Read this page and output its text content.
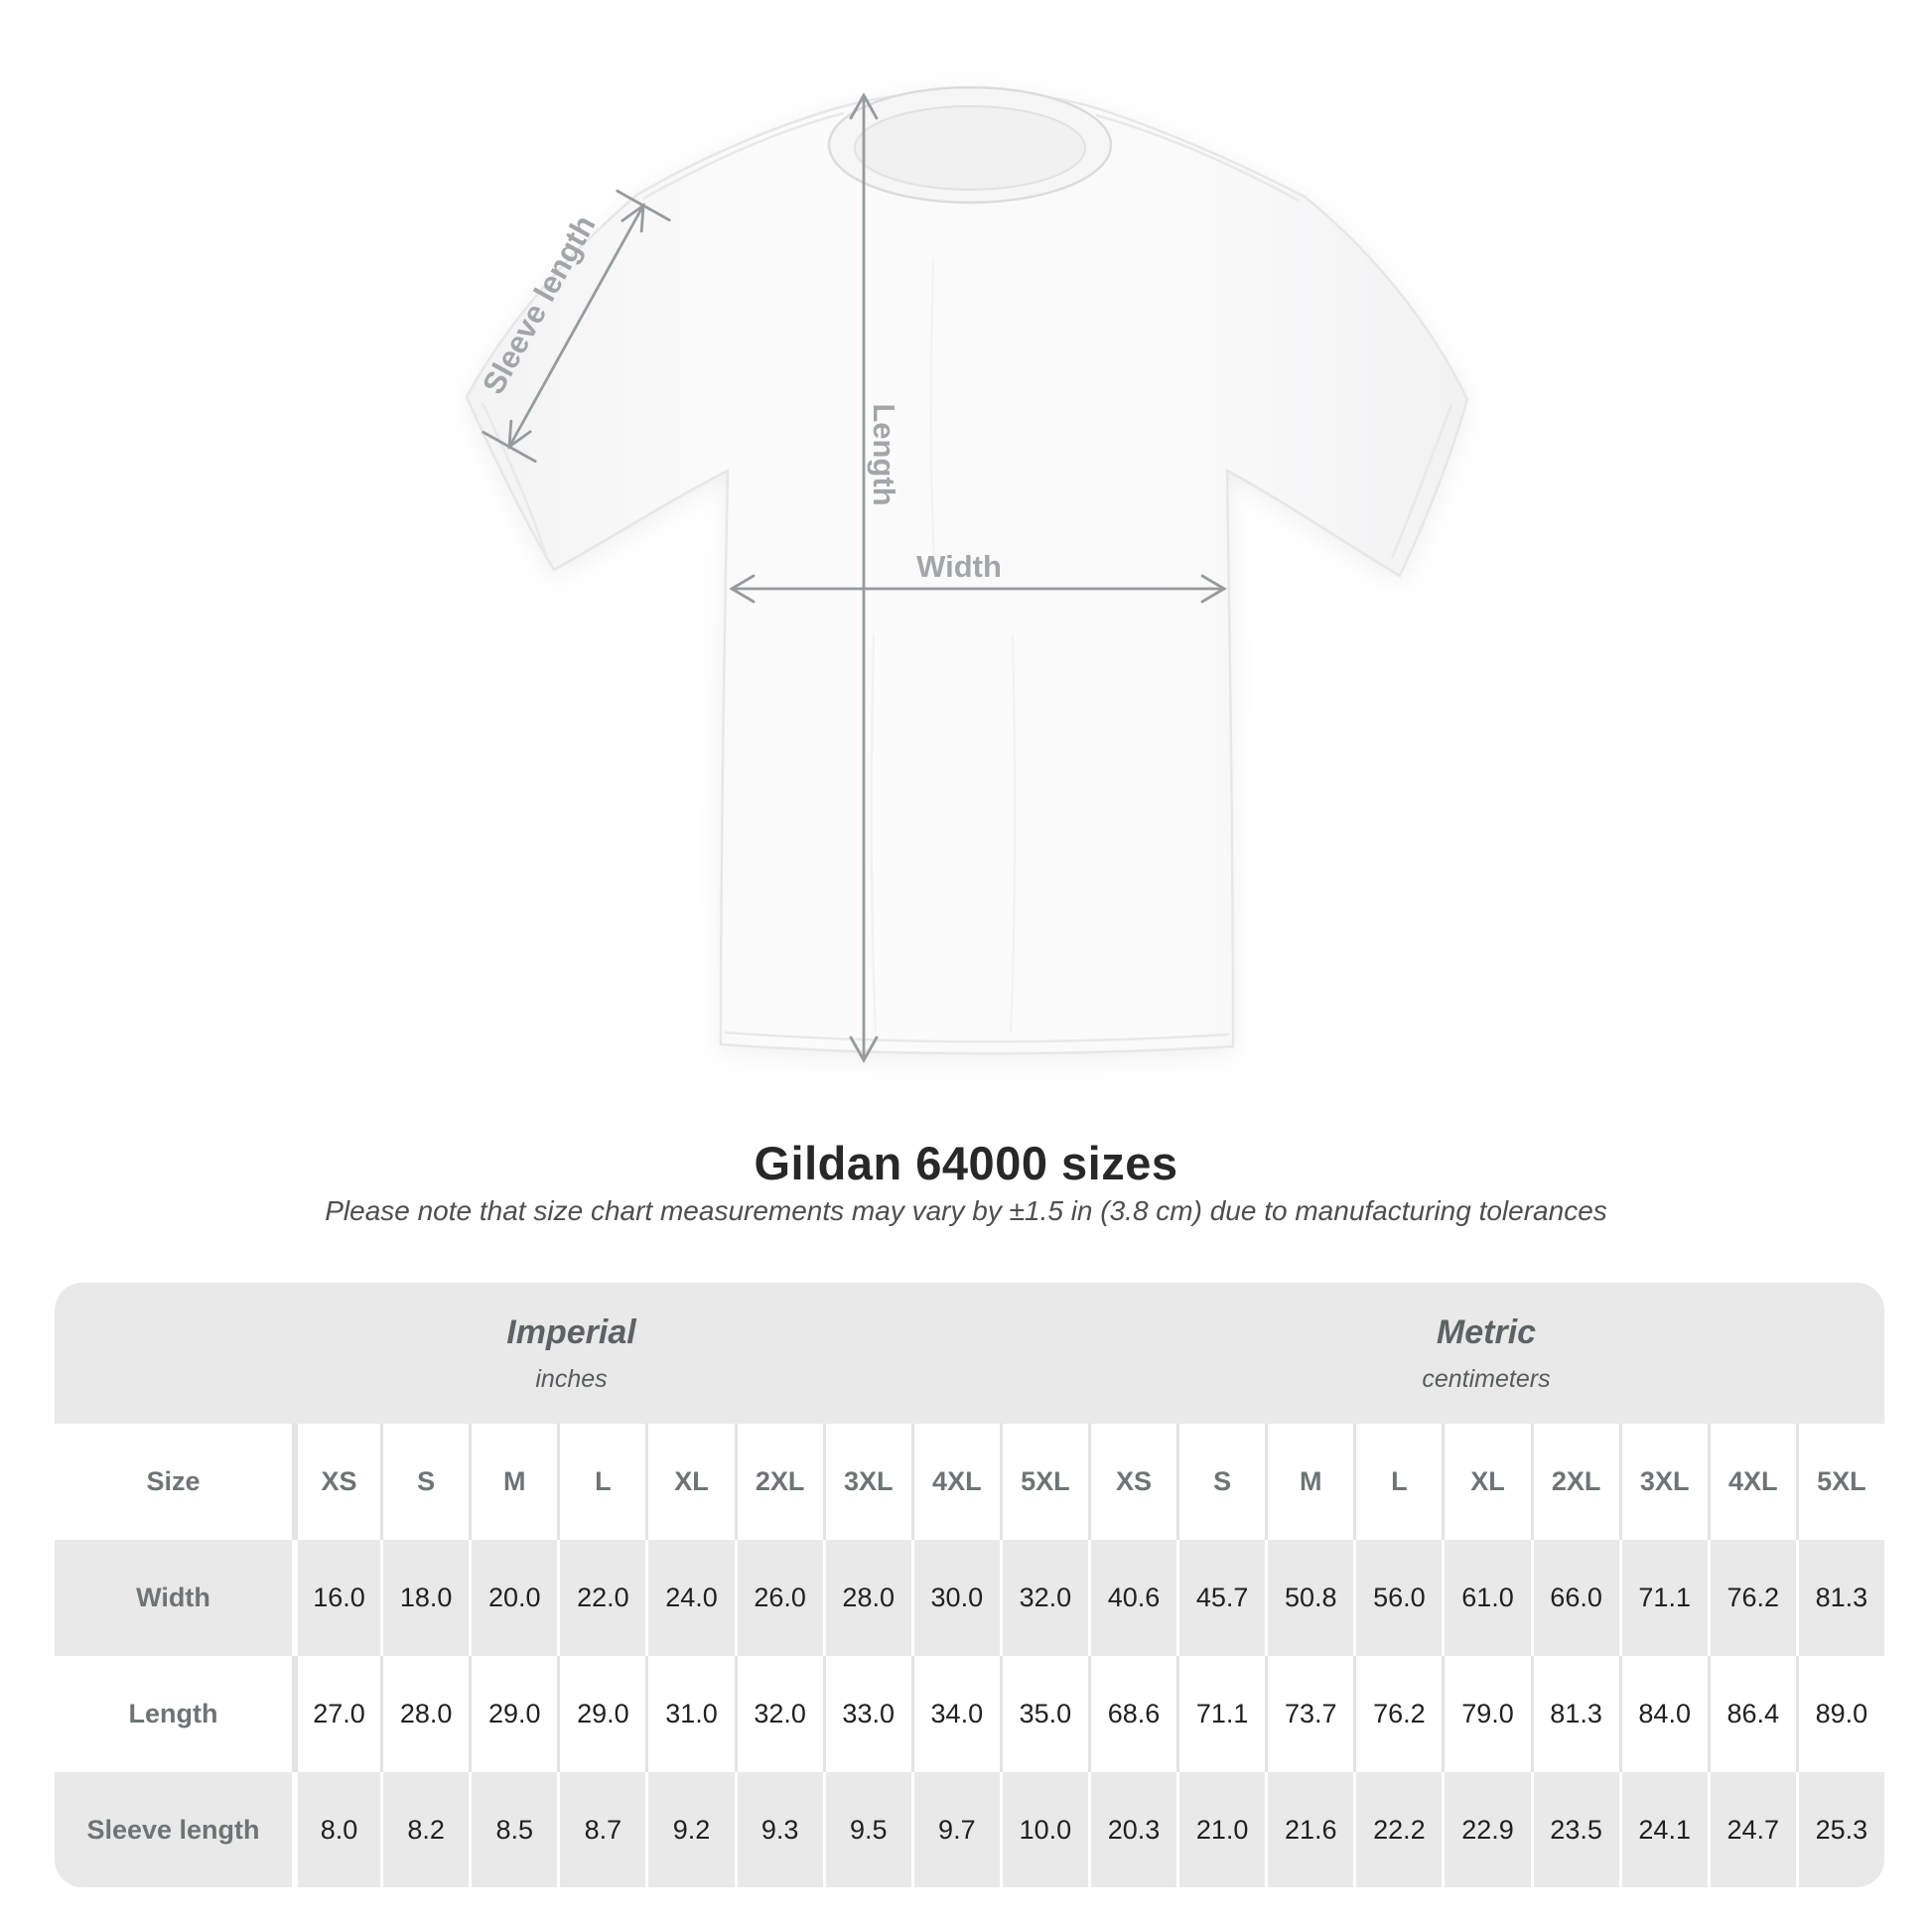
Length
Width
Sleeve length
Gildan 64000 sizes
Please note that size chart measurements may vary by ±1.5 in (3.8 cm) due to manufacturing tolerances
Imperial
inches

Metric
centimeters

Size	XS	S	M	L	XL	2XL	3XL	4XL	5XL	XS	S	M	L	XL	2XL	3XL	4XL	5XL
Width	16.0	18.0	20.0	22.0	24.0	26.0	28.0	30.0	32.0	40.6	45.7	50.8	56.0	61.0	66.0	71.1	76.2	81.3
Length	27.0	28.0	29.0	29.0	31.0	32.0	33.0	34.0	35.0	68.6	71.1	73.7	76.2	79.0	81.3	84.0	86.4	89.0
Sleeve length	8.0	8.2	8.5	8.7	9.2	9.3	9.5	9.7	10.0	20.3	21.0	21.6	22.2	22.9	23.5	24.1	24.7	25.3
